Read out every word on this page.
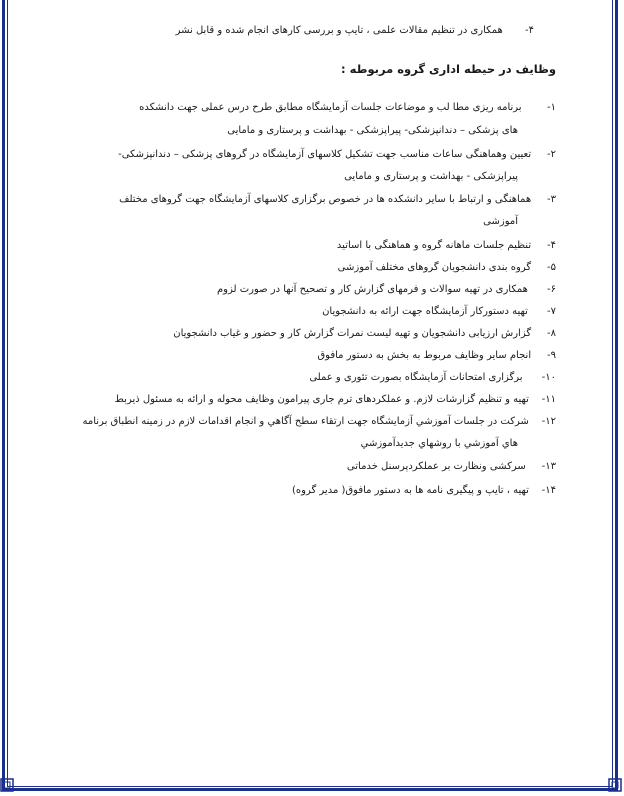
۴-       همکاری در تنظیم مقالات علمی ، تایپ و بررسی کارهای انجام شده و قابل نشر
وظایف در حیطه اداری گروه مربوطه :
۱-        برنامه ریزی مطا لب و موضاعات جلسات آزمایشگاه مطابق طرح درس عملی جهت دانشکده
های پزشکی – دندانپزشکی- پیراپزشکی - بهداشت و پرستاری و مامایی
۲-     تعیین وهماهنگی ساعات مناسب جهت تشکیل کلاسهای آزمایشگاه در گروهای پزشکی – دندانپزشکی-
پیراپزشکی - بهداشت و پرستاری و مامایی
۳-     هماهنگی و ارتباط با سایر دانشکده ها در خصوص برگزاری کلاسهای آزمایشگاه جهت گروهای مختلف
آموزشی
۴-     تنظیم جلسات ماهانه گروه و هماهنگی با اساتید
۵-     گروه بندی دانشجویان گروهای مختلف آموزشی
۶-      همکاری در تهیه سوالات و فرمهای گزارش کار و تصحیح آنها در صورت لزوم
۷-      تهیه دستورکار آزمایشگاه جهت ارائه به دانشجویان
۸-     گزارش ارزیابی دانشجویان و تهیه لیست نمرات گزارش کار و حضور و غیاب دانشجویان
۹-     انجام سایر وظایف مربوط به بخش به دستور مافوق
۱۰-      برگزاری امتحانات آزمایشگاه بصورت تئوری و عملی
۱۱-    تهیه و تنظیم گزارشات لازم. و عملکردهای ترم جاری پیرامون وظایف محوله و ارائه به مسئول ذیربط
۱۲-    شرکت در جلسات آموزشي آزمايشگاه جهت ارتقاء سطح آگاهي و انجام اقدامات لازم در زمينه انطباق برنامه
هاي آموزشي با روشهاي جديدآموزشي
۱۳-     سرکشی ونظارت بر عملکردپرسنل خدماتی
۱۴-    تهیه ، تایپ و پیگیری نامه ها به دستور مافوق( مدیر گروه)
